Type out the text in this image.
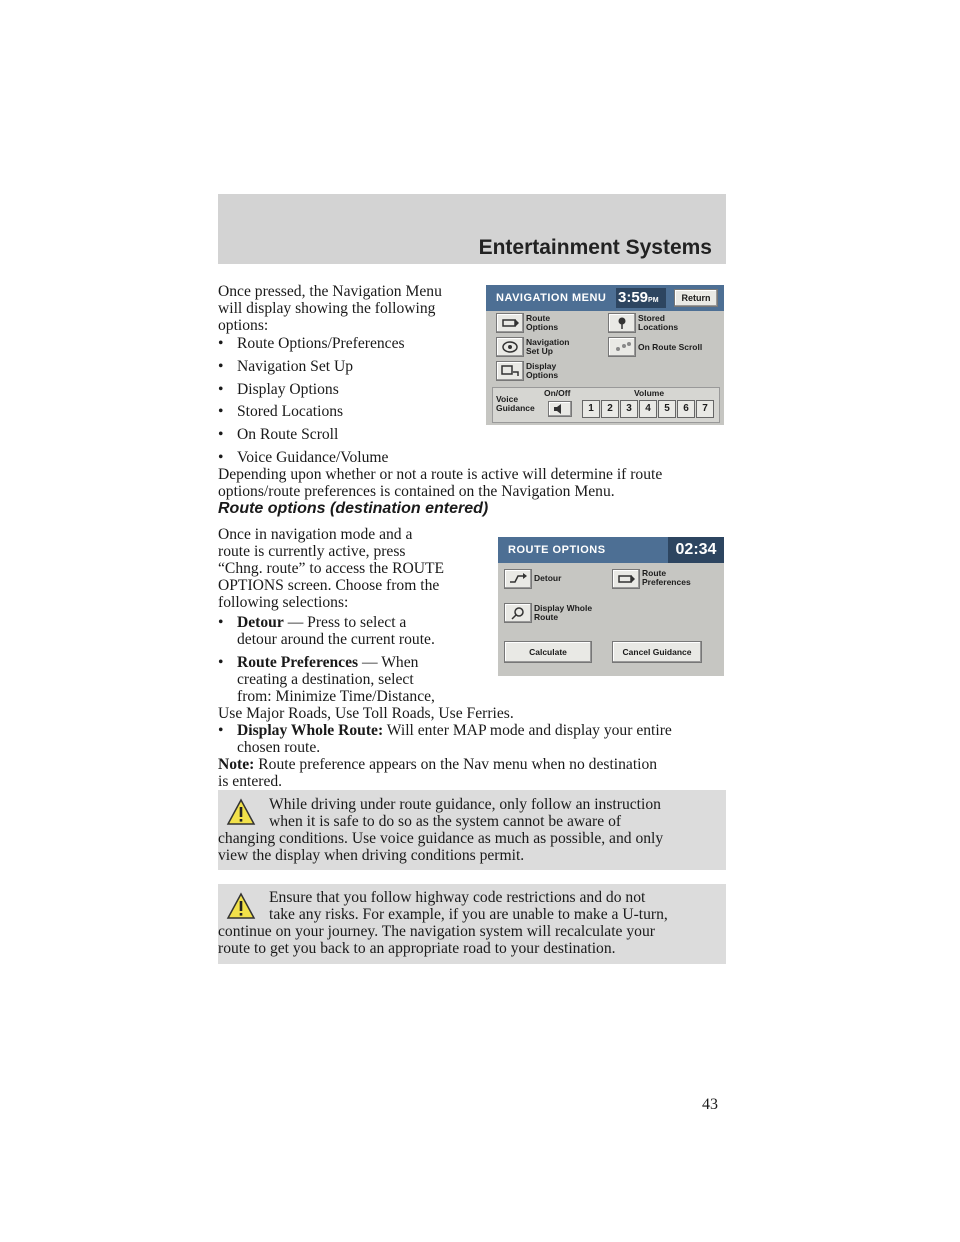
Entertainment Systems
Once pressed, the Navigation Menu
will display showing the following
options:
• Route Options/Preferences
• Navigation Set Up
• Display Options
• Stored Locations
• On Route Scroll
• Voice Guidance/Volume
Depending upon whether or not a route is active will determine if route
options/route preferences is contained on the Navigation Menu.
NAVIGATION MENU 3:59PM	Return
Route
Options
Navigation
Set Up
Display
Options
Stored
Locations
On Route Scroll
Voice
Guidance
On/Off	Volume
1	2	3	4	5	6	7
Route options (destination entered)
Once in navigation mode and a
route is currently active, press
“Chng. route” to access the ROUTE
OPTIONS screen. Choose from the
following selections:
• Detour — Press to select a
detour around the current route.
• Route Preferences — When
creating a destination, select
from: Minimize Time/Distance,
Use Major Roads, Use Toll Roads, Use Ferries.
• Display Whole Route: Will enter MAP mode and display your entire
chosen route.
Note: Route preference appears on the Nav menu when no destination
is entered.
ROUTE OPTIONS	02:34
Detour	Route
Preferences
Display Whole
Route
Calculate	Cancel Guidance
While driving under route guidance, only follow an instruction
when it is safe to do so as the system cannot be aware of
changing conditions. Use voice guidance as much as possible, and only
view the display when driving conditions permit.
Ensure that you follow highway code restrictions and do not
take any risks. For example, if you are unable to make a U-turn,
continue on your journey. The navigation system will recalculate your
route to get you back to an appropriate road to your destination.
43
